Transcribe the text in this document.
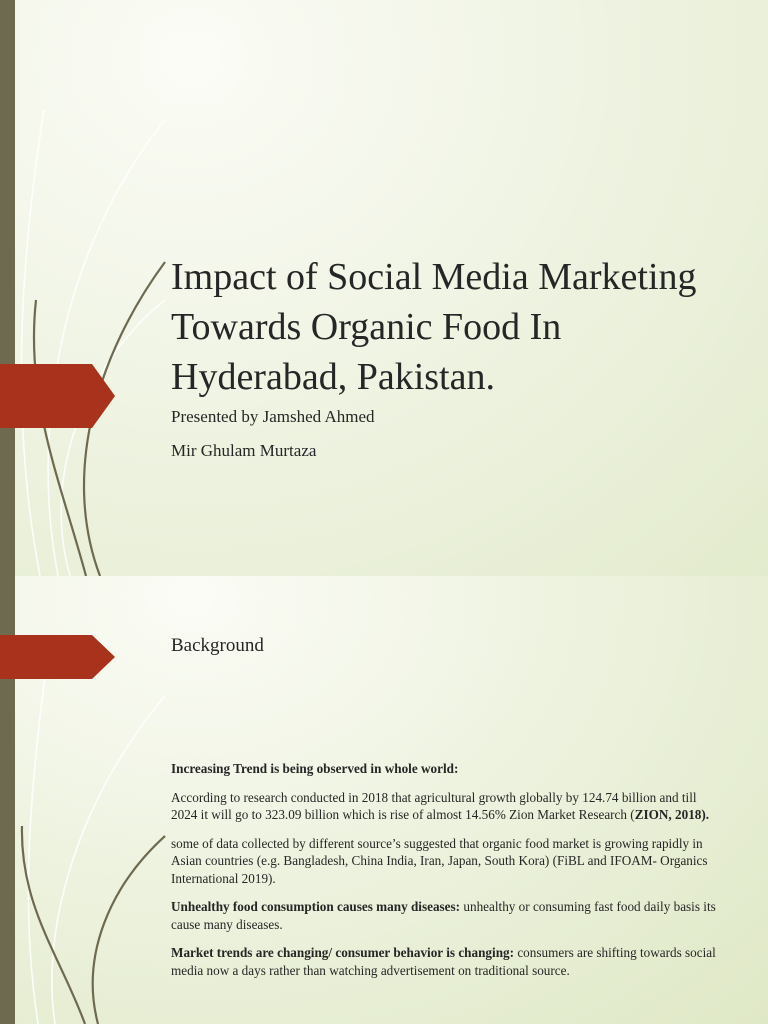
Impact of Social Media Marketing Towards Organic Food In Hyderabad, Pakistan.
Presented by Jamshed Ahmed
Mir Ghulam Murtaza
Background

Increasing Trend is being observed in whole world:

According to research conducted in 2018 that agricultural growth globally by 124.74 billion and till 2024 it will go to 323.09 billion which is rise of almost 14.56% Zion Market Research (ZION, 2018).

some of data collected by different source’s suggested that organic food market is growing rapidly in Asian countries (e.g. Bangladesh, China India, Iran, Japan, South Kora) (FiBL and IFOAM- Organics International 2019).

Unhealthy food consumption causes many diseases: unhealthy or consuming fast food daily basis its cause many diseases.

Market trends are changing/ consumer behavior is changing: consumers are shifting towards social media now a days rather than watching advertisement on traditional source.
